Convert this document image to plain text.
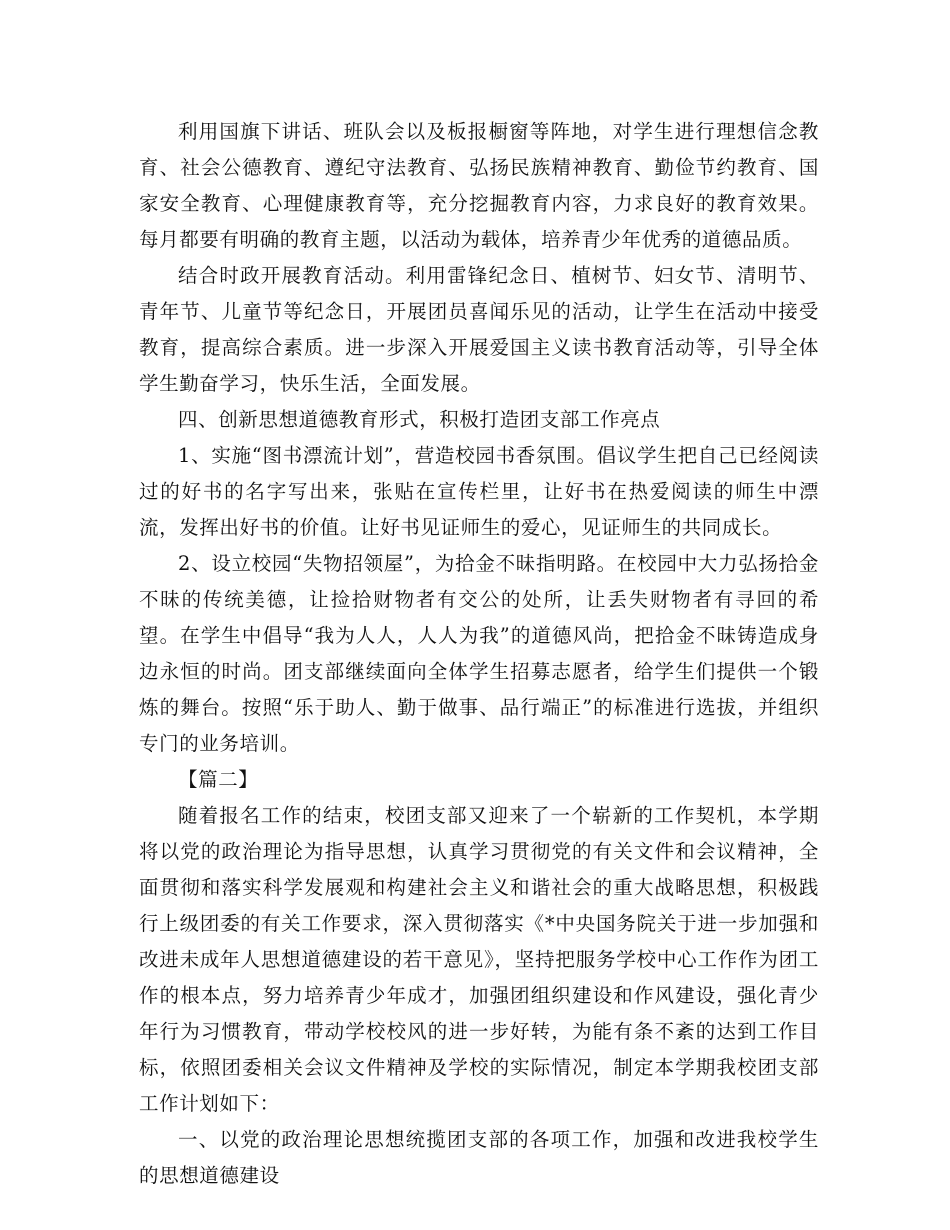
利用国旗下讲话、班队会以及板报橱窗等阵地，对学生进行理想信念教育、社会公德教育、遵纪守法教育、弘扬民族精神教育、勤俭节约教育、国家安全教育、心理健康教育等，充分挖掘教育内容，力求良好的教育效果。每月都要有明确的教育主题，以活动为载体，培养青少年优秀的道德品质。

结合时政开展教育活动。利用雷锋纪念日、植树节、妇女节、清明节、青年节、儿童节等纪念日，开展团员喜闻乐见的活动，让学生在活动中接受教育，提高综合素质。进一步深入开展爱国主义读书教育活动等，引导全体学生勤奋学习，快乐生活，全面发展。

四、创新思想道德教育形式，积极打造团支部工作亮点

1、实施“图书漂流计划”，营造校园书香氛围。倡议学生把自己已经阅读过的好书的名字写出来，张贴在宣传栏里，让好书在热爱阅读的师生中漂流，发挥出好书的价值。让好书见证师生的爱心，见证师生的共同成长。

2、设立校园“失物招领屋”，为拾金不昧指明路。在校园中大力弘扬拾金不昧的传统美德，让捡拾财物者有交公的处所，让丢失财物者有寻回的希望。在学生中倡导“我为人人，人人为我”的道德风尚，把拾金不昧铸造成身边永恒的时尚。团支部继续面向全体学生招募志愿者，给学生们提供一个锻炼的舞台。按照“乐于助人、勤于做事、品行端正”的标准进行选拔，并组织专门的业务培训。

【篇二】

随着报名工作的结束，校团支部又迎来了一个崭新的工作契机，本学期将以党的政治理论为指导思想，认真学习贯彻党的有关文件和会议精神，全面贯彻和落实科学发展观和构建社会主义和谐社会的重大战略思想，积极践行上级团委的有关工作要求，深入贯彻落实《*中央国务院关于进一步加强和改进未成年人思想道德建设的若干意见》，坚持把服务学校中心工作作为团工作的根本点，努力培养青少年成才，加强团组织建设和作风建设，强化青少年行为习惯教育，带动学校校风的进一步好转，为能有条不紊的达到工作目标，依照团委相关会议文件精神及学校的实际情况，制定本学期我校团支部工作计划如下：

一、以党的政治理论思想统揽团支部的各项工作，加强和改进我校学生的思想道德建设
